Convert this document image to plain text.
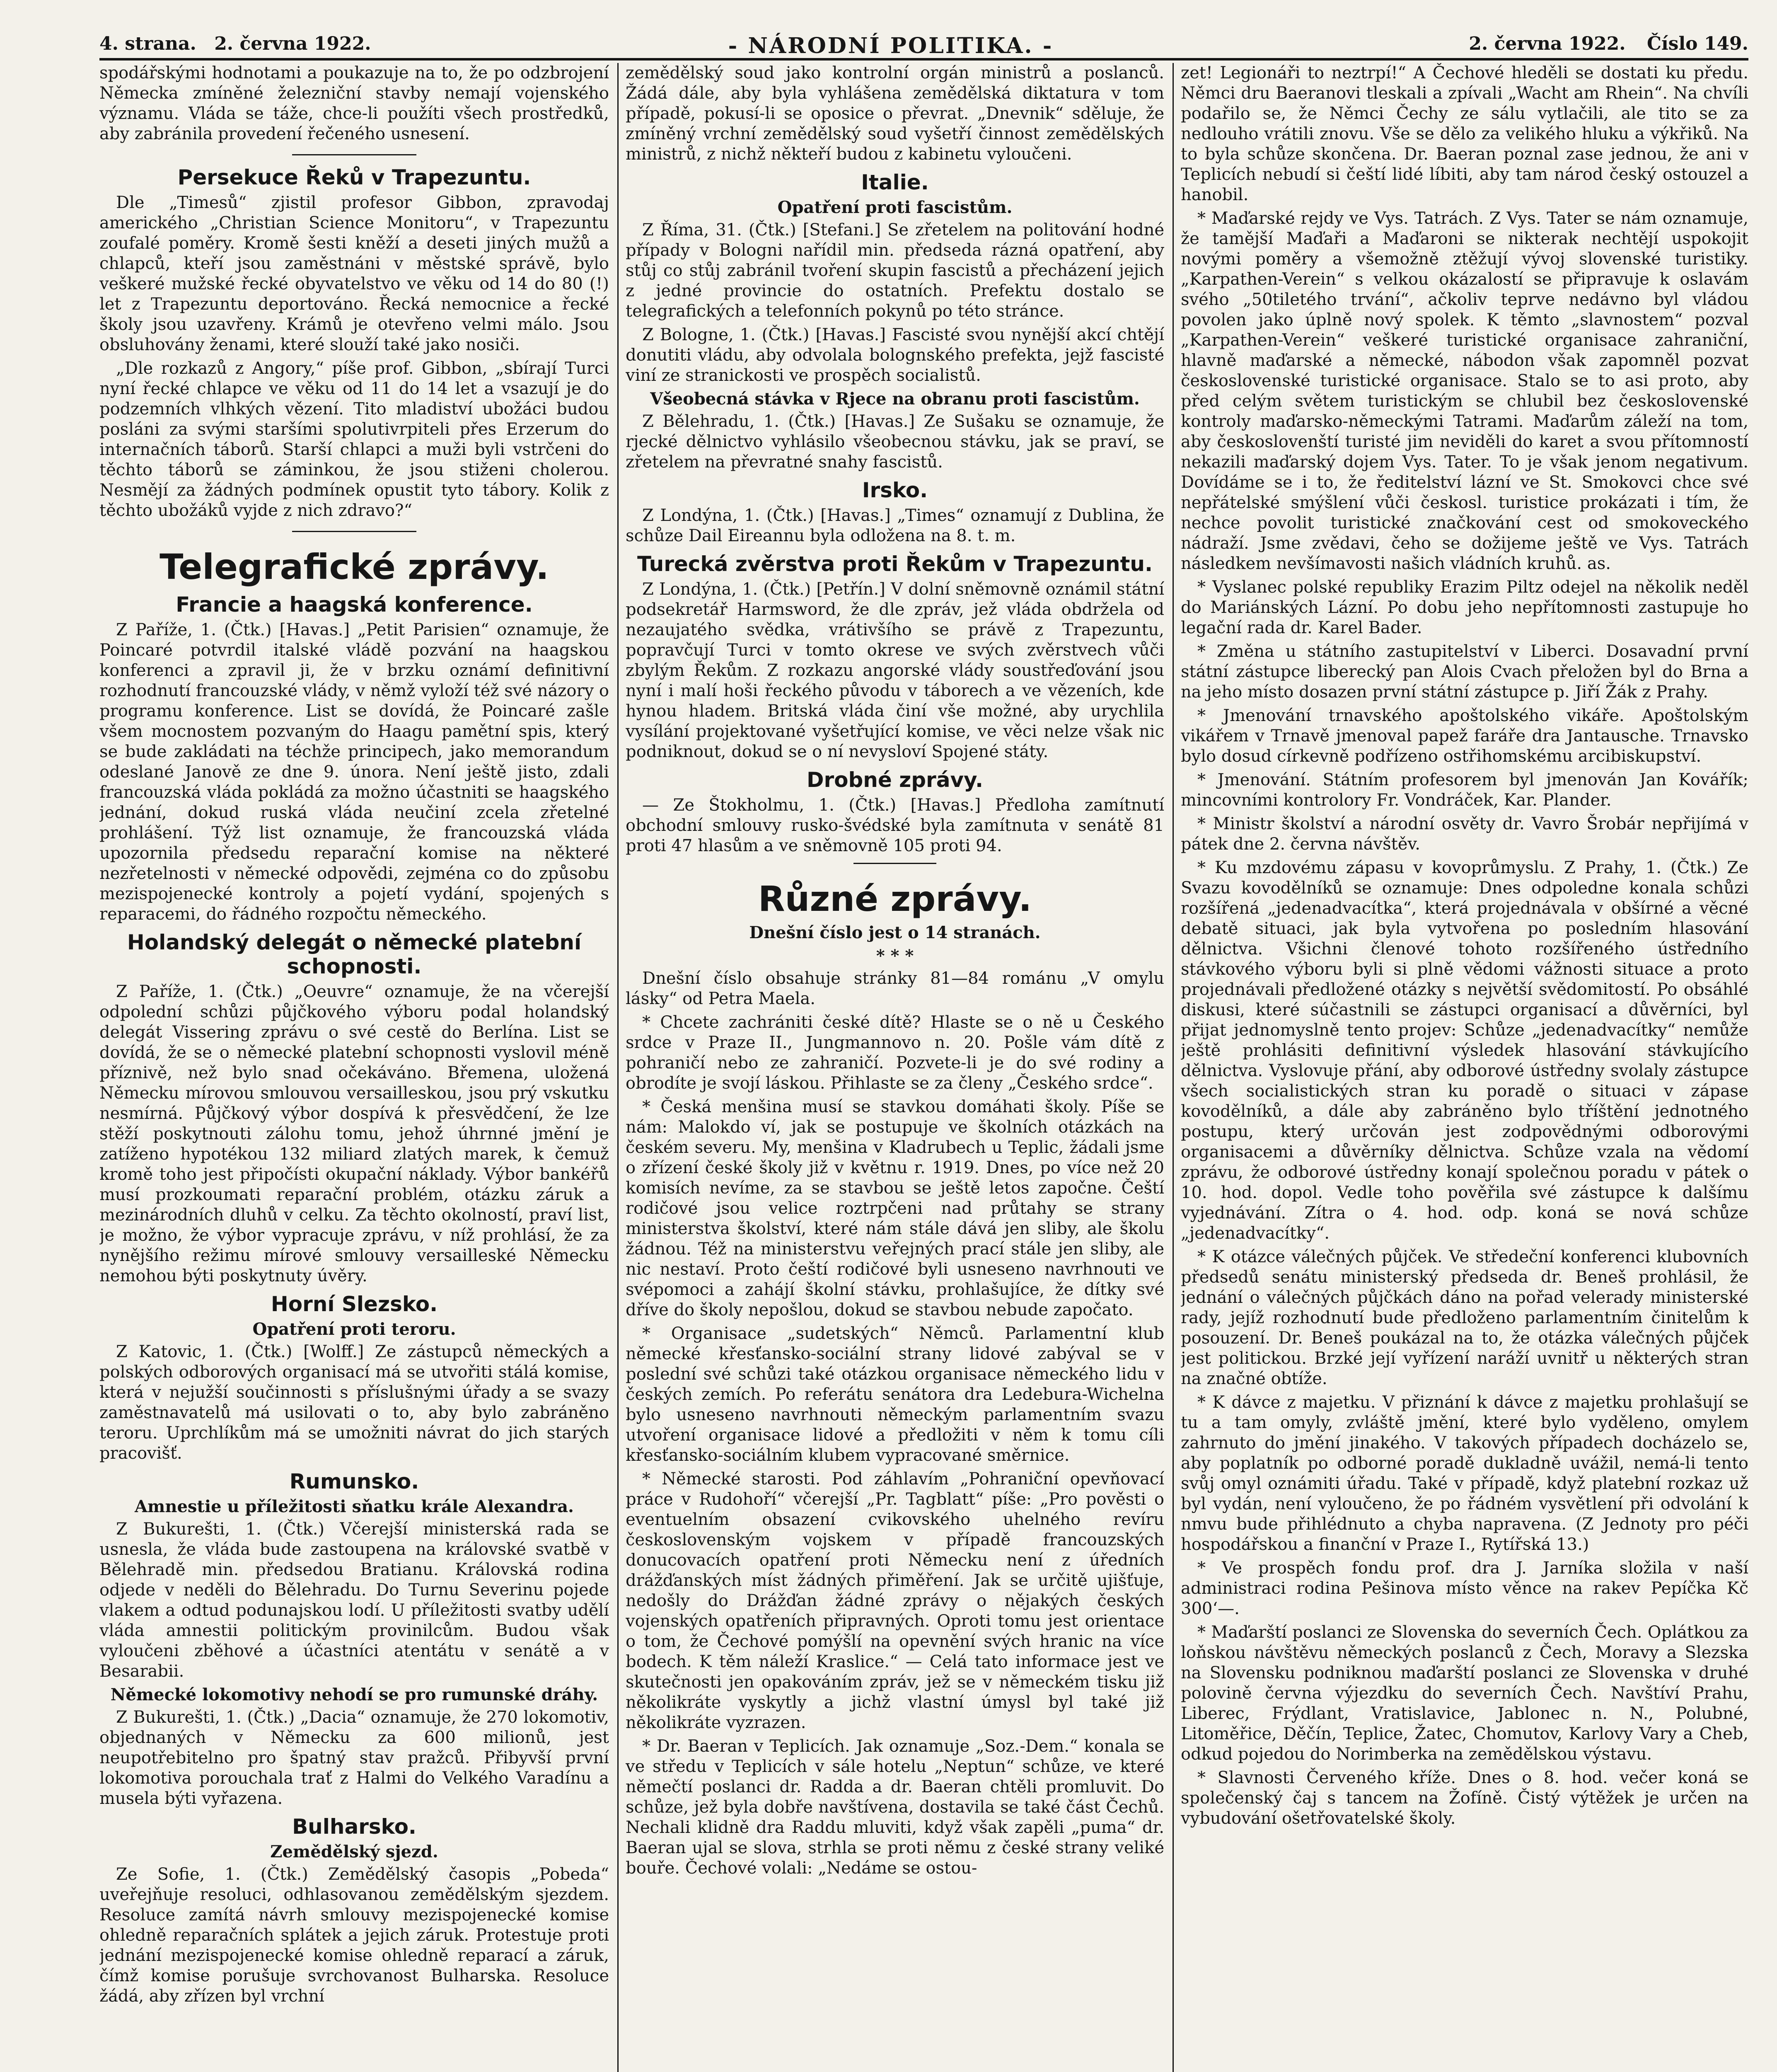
4. strana. 2. června 1922.	- NÁRODNÍ POLITIKA. -	2. června 1922. Číslo 149.

spodářskými hodnotami a poukazuje na to, že po odzbrojení Německa zmíněné železniční stavby nemají vojenského významu. Vláda se táže, chce-li použíti všech prostředků, aby zabránila provedení řečeného usnesení.

Persekuce Řeků v Trapezuntu.

Dle „Timesů“ zjistil profesor Gibbon, zpravodaj amerického „Christian Science Monitoru“, v Trapezuntu zoufalé poměry. Kromě šesti kněží a deseti jiných mužů a chlapců, kteří jsou zaměstnáni v městské správě, bylo veškeré mužské řecké obyvatelstvo ve věku od 14 do 80 (!) let z Trapezuntu deportováno. Řecká nemocnice a řecké školy jsou uzavřeny. Krámů je otevřeno velmi málo. Jsou obsluhovány ženami, které slouží také jako nosiči.

„Dle rozkazů z Angory,“ píše prof. Gibbon, „sbírají Turci nyní řecké chlapce ve věku od 11 do 14 let a vsazují je do podzemních vlhkých vězení. Tito mladiství ubožáci budou posláni za svými staršími spolutivrpiteli přes Erzerum do internačních táborů. Starší chlapci a muži byli vstrčeni do těchto táborů se záminkou, že jsou stiženi cholerou. Nesmějí za žádných podmínek opustit tyto tábory. Kolik z těchto ubožáků vyjde z nich zdravo?“

Telegrafické zprávy.
Francie a haagská konference.

Z Paříže, 1. (Čtk.) [Havas.] „Petit Parisien“ oznamuje, že Poincaré potvrdil italské vládě pozvání na haagskou konferenci a zpravil ji, že v brzku oznámí definitivní rozhodnutí francouzské vlády, v němž vyloží též své názory o programu konference. List se dovídá, že Poincaré zašle všem mocnostem pozvaným do Haagu pamětní spis, který se bude zakládati na téchže principech, jako memorandum odeslané Janově ze dne 9. února. Není ještě jisto, zdali francouzská vláda pokládá za možno účastniti se haagského jednání, dokud ruská vláda neučiní zcela zřetelné prohlášení. Týž list oznamuje, že francouzská vláda upozornila předsedu reparační komise na některé nezřetelnosti v německé odpovědi, zejména co do způsobu mezispojenecké kontroly a pojetí vydání, spojených s reparacemi, do řádného rozpočtu německého.

Holandský delegát o německé platební schopnosti.

Z Paříže, 1. (Čtk.) „Oeuvre“ oznamuje, že na včerejší odpolední schůzi půjčkového výboru podal holandský delegát Vissering zprávu o své cestě do Berlína. List se dovídá, že se o německé platební schopnosti vyslovil méně příznivě, než bylo snad očekáváno. Břemena, uložená Německu mírovou smlouvou versailleskou, jsou prý vskutku nesmírná. Půjčkový výbor dospívá k přesvědčení, že lze stěží poskytnouti zálohu tomu, jehož úhrnné jmění je zatíženo hypotékou 132 miliard zlatých marek, k čemuž kromě toho jest připočísti okupační náklady. Výbor bankéřů musí prozkoumati reparační problém, otázku záruk a mezinárodních dluhů v celku. Za těchto okolností, praví list, je možno, že výbor vypracuje zprávu, v níž prohlásí, že za nynějšího režimu mírové smlouvy versailleské Německu nemohou býti poskytnuty úvěry.

Horní Slezsko.
Opatření proti teroru.

Z Katovic, 1. (Čtk.) [Wolff.] Ze zástupců německých a polských odborových organisací má se utvořiti stálá komise, která v nejužší součinnosti s příslušnými úřady a se svazy zaměstnavatelů má usilovati o to, aby bylo zabráněno teroru. Uprchlíkům má se umožniti návrat do jich starých pracovišť.

Rumunsko.
Amnestie u příležitosti sňatku krále Alexandra.

Z Bukurešti, 1. (Čtk.) Včerejší ministerská rada se usnesla, že vláda bude zastoupena na královské svatbě v Bělehradě min. předsedou Bratianu. Královská rodina odjede v neděli do Bělehradu. Do Turnu Severinu pojede vlakem a odtud podunajskou lodí. U příležitosti svatby udělí vláda amnestii politickým provinilcům. Budou však vyloučeni zběhové a účastníci atentátu v senátě a v Besarabii.

Německé lokomotivy nehodí se pro rumunské dráhy.

Z Bukurešti, 1. (Čtk.) „Dacia“ oznamuje, že 270 lokomotiv, objednaných v Německu za 600 milionů, jest neupotřebitelno pro špatný stav pražců. Přibyvší první lokomotiva porouchala trať z Halmi do Velkého Varadínu a musela býti vyřazena.

Bulharsko.
Zemědělský sjezd.

Ze Sofie, 1. (Čtk.) Zemědělský časopis „Pobeda“ uveřejňuje resoluci, odhlasovanou zemědělským sjezdem. Resoluce zamítá návrh smlouvy mezispojenecké komise ohledně reparačních splátek a jejich záruk. Protestuje proti jednání mezispojenecké komise ohledně reparací a záruk, čímž komise porušuje svrchovanost Bulharska. Resoluce žádá, aby zřízen byl vrchní

zemědělský soud jako kontrolní orgán ministrů a poslanců. Žádá dále, aby byla vyhlášena zemědělská diktatura v tom případě, pokusí-li se oposice o převrat. „Dnevnik“ sděluje, že zmíněný vrchní zemědělský soud vyšetří činnost zemědělských ministrů, z nichž někteří budou z kabinetu vyloučeni.

Italie.
Opatření proti fascistům.

Z Říma, 31. (Čtk.) [Stefani.] Se zřetelem na politování hodné případy v Bologni nařídil min. předseda rázná opatření, aby stůj co stůj zabránil tvoření skupin fascistů a přecházení jejich z jedné provincie do ostatních. Prefektu dostalo se telegrafických a telefonních pokynů po této stránce.

Z Bologne, 1. (Čtk.) [Havas.] Fascisté svou nynější akcí chtějí donutiti vládu, aby odvolala bolognského prefekta, jejž fascisté viní ze stranickosti ve prospěch socialistů.

Všeobecná stávka v Rjece na obranu proti fascistům.

Z Bělehradu, 1. (Čtk.) [Havas.] Ze Sušaku se oznamuje, že rjecké dělnictvo vyhlásilo všeobecnou stávku, jak se praví, se zřetelem na převratné snahy fascistů.

Irsko.

Z Londýna, 1. (Čtk.) [Havas.] „Times“ oznamují z Dublina, že schůze Dail Eireannu byla odložena na 8. t. m.

Turecká zvěrstva proti Řekům v Trapezuntu.

Z Londýna, 1. (Čtk.) [Petřín.] V dolní sněmovně oznámil státní podsekretář Harmsword, že dle zpráv, jež vláda obdržela od nezaujatého svědka, vrátivšího se právě z Trapezuntu, popravčují Turci v tomto okrese ve svých zvěrstvech vůči zbylým Řekům. Z rozkazu angorské vlády soustřeďování jsou nyní i malí hoši řeckého původu v táborech a ve vězeních, kde hynou hladem. Britská vláda činí vše možné, aby urychlila vysílání projektované vyšetřující komise, ve věci nelze však nic podniknout, dokud se o ní nevysloví Spojené státy.

Drobné zprávy.

— Ze Štokholmu, 1. (Čtk.) [Havas.] Předloha zamítnutí obchodní smlouvy rusko-švédské byla zamítnuta v senátě 81 proti 47 hlasům a ve sněmovně 105 proti 94.

Různé zprávy.
Dnešní číslo jest o 14 stranách.
* * *

Dnešní číslo obsahuje stránky 81—84 románu „V omylu lásky“ od Petra Maela.

* Chcete zachrániti české dítě? Hlaste se o ně u Českého srdce v Praze II., Jungmannovo n. 20. Pošle vám dítě z pohraničí nebo ze zahraničí. Pozvete-li je do své rodiny a obrodíte je svojí láskou. Přihlaste se za členy „Českého srdce“.

* Česká menšina musí se stavkou domáhati školy. Píše se nám: Malokdo ví, jak se postupuje ve školních otázkách na českém severu. My, menšina v Kladrubech u Teplic, žádali jsme o zřízení české školy již v květnu r. 1919. Dnes, po více než 20 komisích nevíme, za se stavbou se ještě letos započne. Čeští rodičové jsou velice roztrpčeni nad průtahy se strany ministerstva školství, které nám stále dává jen sliby, ale školu žádnou. Též na ministerstvu veřejných prací stále jen sliby, ale nic nestaví. Proto čeští rodičové byli usneseno navrhnouti ve svépomoci a zahájí školní stávku, prohlašujíce, že dítky své dříve do školy nepošlou, dokud se stavbou nebude započato.

* Organisace „sudetských“ Němců. Parlamentní klub německé křesťansko-sociální strany lidové zabýval se v poslední své schůzi také otázkou organisace německého lidu v českých zemích. Po referátu senátora dra Ledebura-Wichelna bylo usneseno navrhnouti německým parlamentním svazu utvoření organisace lidové a předložiti v něm k tomu cíli křesťansko-sociálním klubem vypracované směrnice.

* Německé starosti. Pod záhlavím „Pohraniční opevňovací práce v Rudohoří“ včerejší „Pr. Tagblatt“ píše: „Pro pověsti o eventuelním obsazení cvikovského uhelného revíru československým vojskem v případě francouzských donucovacích opatření proti Německu není z úředních drážďanských míst žádných přiměření. Jak se určitě ujišťuje, nedošly do Drážďan žádné zprávy o nějakých českých vojenských opatřeních připravných. Oproti tomu jest orientace o tom, že Čechové pomýšlí na opevnění svých hranic na více bodech. K těm náleží Kraslice.“ — Celá tato informace jest ve skutečnosti jen opakováním zpráv, jež se v německém tisku již několikráte vyskytly a jichž vlastní úmysl byl také již několikráte vyzrazen.

* Dr. Baeran v Teplicích. Jak oznamuje „Soz.-Dem.“ konala se ve středu v Teplicích v sále hotelu „Neptun“ schůze, ve které němečtí poslanci dr. Radda a dr. Baeran chtěli promluvit. Do schůze, jež byla dobře navštívena, dostavila se také část Čechů. Nechali klidně dra Raddu mluviti, když však zapěli „puma“ dr. Baeran ujal se slova, strhla se proti němu z české strany veliké bouře. Čechové volali: „Nedáme se ostou-

zet! Legionáři to neztrpí!“ A Čechové hleděli se dostati ku předu. Němci dru Baeranovi tleskali a zpívali „Wacht am Rhein“. Na chvíli podařilo se, že Němci Čechy ze sálu vytlačili, ale tito se za nedlouho vrátili znovu. Vše se dělo za velikého hluku a výkřiků. Na to byla schůze skončena. Dr. Baeran poznal zase jednou, že ani v Teplicích nebudí si čeští lidé líbiti, aby tam národ český ostouzel a hanobil.

* Maďarské rejdy ve Vys. Tatrách. Z Vys. Tater se nám oznamuje, že tamější Maďaři a Maďaroni se nikterak nechtějí uspokojit novými poměry a všemožně ztěžují vývoj slovenské turistiky. „Karpathen-Verein“ s velkou okázalostí se připravuje k oslavám svého „50tiletého trvání“, ačkoliv teprve nedávno byl vládou povolen jako úplně nový spolek. K těmto „slavnostem“ pozval „Karpathen-Verein“ veškeré turistické organisace zahraniční, hlavně maďarské a německé, nábodon však zapomněl pozvat československé turistické organisace. Stalo se to asi proto, aby před celým světem turistickým se chlubil bez československé kontroly maďarsko-německými Tatrami. Maďarům záleží na tom, aby českoslovenští turisté jim neviděli do karet a svou přítomností nekazili maďarský dojem Vys. Tater. To je však jenom negativum. Dovídáme se i to, že ředitelství lázní ve St. Smokovci chce své nepřátelské smýšlení vůči českosl. turistice prokázati i tím, že nechce povolit turistické značkování cest od smokoveckého nádraží. Jsme zvědavi, čeho se dožijeme ještě ve Vys. Tatrách následkem nevšímavosti našich vládních kruhů. as.

* Vyslanec polské republiky Erazim Piltz odejel na několik neděl do Mariánských Lázní. Po dobu jeho nepřítomnosti zastupuje ho legační rada dr. Karel Bader.

* Změna u státního zastupitelství v Liberci. Dosavadní první státní zástupce liberecký pan Alois Cvach přeložen byl do Brna a na jeho místo dosazen první státní zástupce p. Jiří Žák z Prahy.

* Jmenování trnavského apoštolského vikáře. Apoštolským vikářem v Trnavě jmenoval papež faráře dra Jantausche. Trnavsko bylo dosud církevně podřízeno ostřihomskému arcibiskupství.

* Jmenování. Státním profesorem byl jmenován Jan Kovářík; mincovními kontrolory Fr. Vondráček, Kar. Plander.

* Ministr školství a národní osvěty dr. Vavro Šrobár nepřijímá v pátek dne 2. června návštěv.

* Ku mzdovému zápasu v kovoprůmyslu. Z Prahy, 1. (Čtk.) Ze Svazu kovodělníků se oznamuje: Dnes odpoledne konala schůzi rozšířená „jedenadvacítka“, která projednávala v obšírné a věcné debatě situaci, jak byla vytvořena po posledním hlasování dělnictva. Všichni členové tohoto rozšířeného ústředního stávkového výboru byli si plně vědomi vážnosti situace a proto projednávali předložené otázky s největší svědomitostí. Po obsáhlé diskusi, které súčastnili se zástupci organisací a důvěrníci, byl přijat jednomyslně tento projev: Schůze „jedenadvacítky“ nemůže ještě prohlásiti definitivní výsledek hlasování stávkujícího dělnictva. Vyslovuje přání, aby odborové ústředny svolaly zástupce všech socialistických stran ku poradě o situaci v zápase kovodělníků, a dále aby zabráněno bylo tříštění jednotného postupu, který určován jest zodpovědnými odborovými organisacemi a důvěrníky dělnictva. Schůze vzala na vědomí zprávu, že odborové ústředny konají společnou poradu v pátek o 10. hod. dopol. Vedle toho pověřila své zástupce k dalšímu vyjednávání. Zítra o 4. hod. odp. koná se nová schůze „jedenadvacítky“.

* K otázce válečných půjček. Ve středeční konferenci klubovních předsedů senátu ministerský předseda dr. Beneš prohlásil, že jednání o válečných půjčkách dáno na pořad velerady ministerské rady, jejíž rozhodnutí bude předloženo parlamentním činitelům k posouzení. Dr. Beneš poukázal na to, že otázka válečných půjček jest politickou. Brzké její vyřízení naráží uvnitř u některých stran na značné obtíže.

* K dávce z majetku. V přiznání k dávce z majetku prohlašují se tu a tam omyly, zvláště jmění, které bylo vyděleno, omylem zahrnuto do jmění jinakého. V takových případech docházelo se, aby poplatník po odborné poradě dukladně uvážil, nemá-li tento svůj omyl oznámiti úřadu. Také v případě, když platební rozkaz už byl vydán, není vyloučeno, že po řádném vysvětlení při odvolání k nmvu bude přihlédnuto a chyba napravena. (Z Jednoty pro péči hospodářskou a finanční v Praze I., Rytířská 13.)

* Ve prospěch fondu prof. dra J. Jarníka složila v naší administraci rodina Pešinova místo věnce na rakev Pepíčka Kč 300‘—.

* Maďarští poslanci ze Slovenska do severních Čech. Oplátkou za loňskou návštěvu německých poslanců z Čech, Moravy a Slezska na Slovensku podniknou maďarští poslanci ze Slovenska v druhé polovině června výjezdku do severních Čech. Navštíví Prahu, Liberec, Frýdlant, Vratislavice, Jablonec n. N., Polubné, Litoměřice, Děčín, Teplice, Žatec, Chomutov, Karlovy Vary a Cheb, odkud pojedou do Norimberka na zemědělskou výstavu.

* Slavnosti Červeného kříže. Dnes o 8. hod. večer koná se společenský čaj s tancem na Žofíně. Čistý výtěžek je určen na vybudování ošetřovatelské školy.
